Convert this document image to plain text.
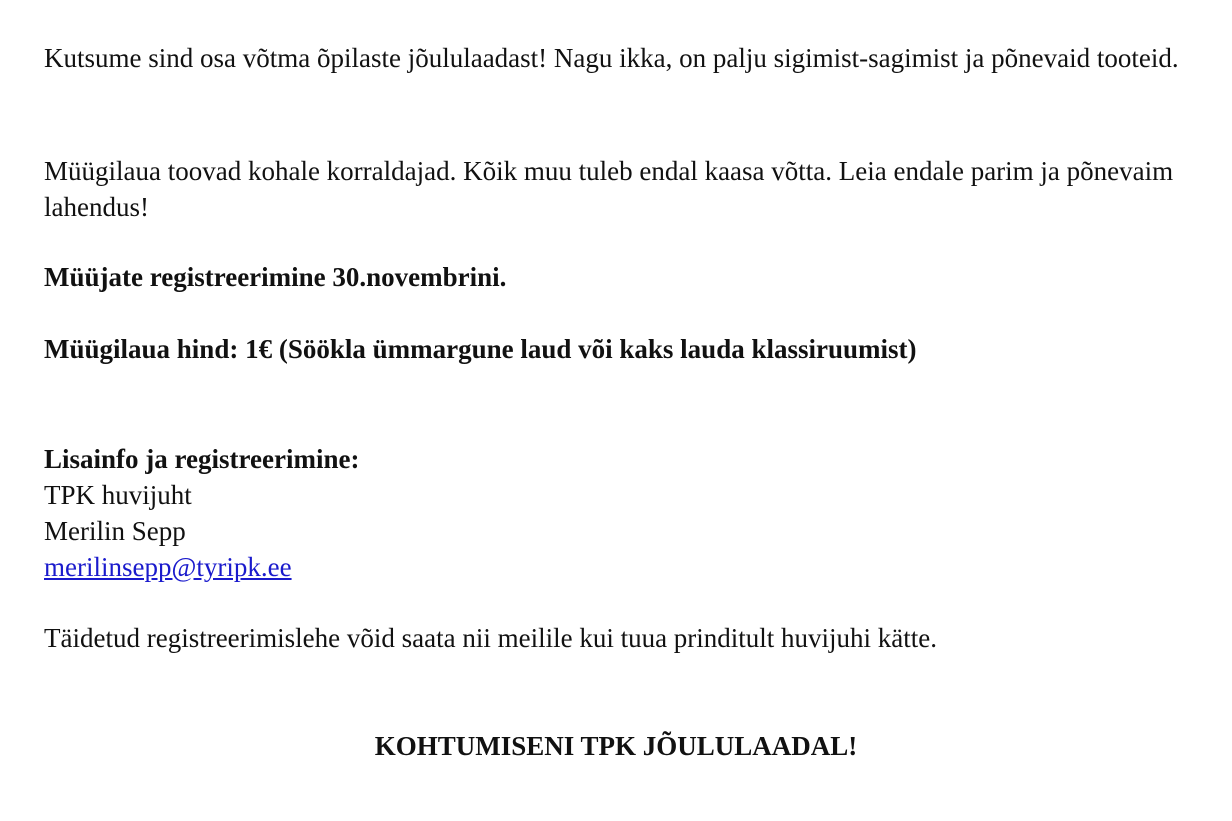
Kutsume sind osa võtma õpilaste jõululaadast! Nagu ikka, on palju sigimist-sagimist ja põnevaid tooteid.

Müügilaua toovad kohale korraldajad. Kõik muu tuleb endal kaasa võtta. Leia endale parim ja põnevaim lahendus!

Müüjate registreerimine 30.novembrini.

Müügilaua hind: 1€ (Söökla ümmargune laud või kaks lauda klassiruumist)

Lisainfo ja registreerimine:
TPK huvijuht
Merilin Sepp
merilinsepp@tyripk.ee

Täidetud registreerimislehe võid saata nii meilile kui tuua prinditult huvijuhi kätte.

KOHTUMISENI TPK JÕULULAADAL!
